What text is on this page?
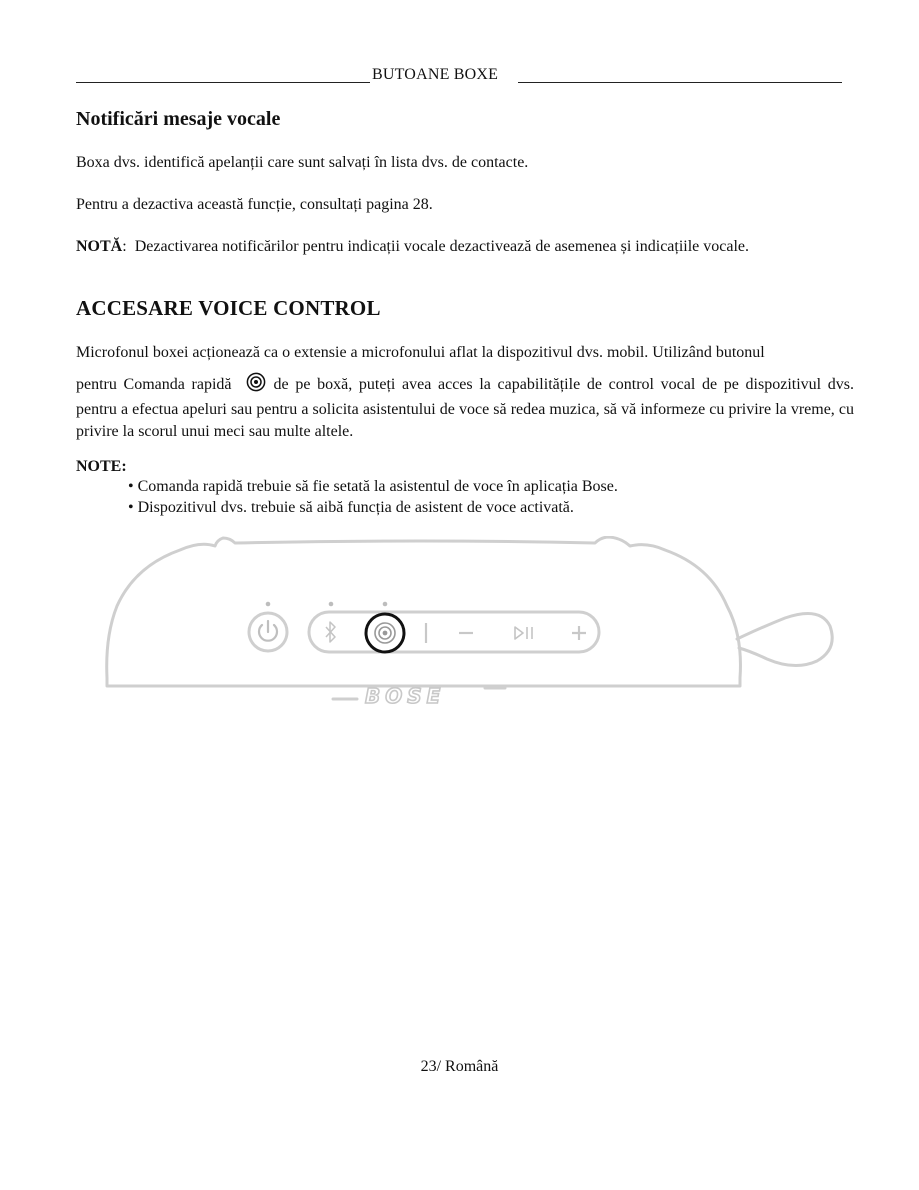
BUTOANE BOXE
Notificări mesaje vocale
Boxa dvs. identifică apelanții care sunt salvați în lista dvs. de contacte.
Pentru a dezactiva această funcție, consultați pagina 28.
NOTĂ: Dezactivarea notificărilor pentru indicații vocale dezactivează de asemenea și indicațiile vocale.
ACCESARE VOICE CONTROL
Microfonul boxei acționează ca o extensie a microfonului aflat la dispozitivul dvs. mobil. Utilizând butonul
pentru Comanda rapidă	de pe boxă, puteți avea acces la capabilitățile de control vocal de pe dispozitivul dvs. pentru a efectua apeluri sau pentru a solicita asistentului de voce să redea muzica, să vă informeze cu privire la vreme, cu privire la scorul unui meci sau multe altele.
NOTE:
• Comanda rapidă trebuie să fie setată la asistentul de voce în aplicația Bose.
• Dispozitivul dvs. trebuie să aibă funcția de asistent de voce activată.
BOSE
23/ Română
